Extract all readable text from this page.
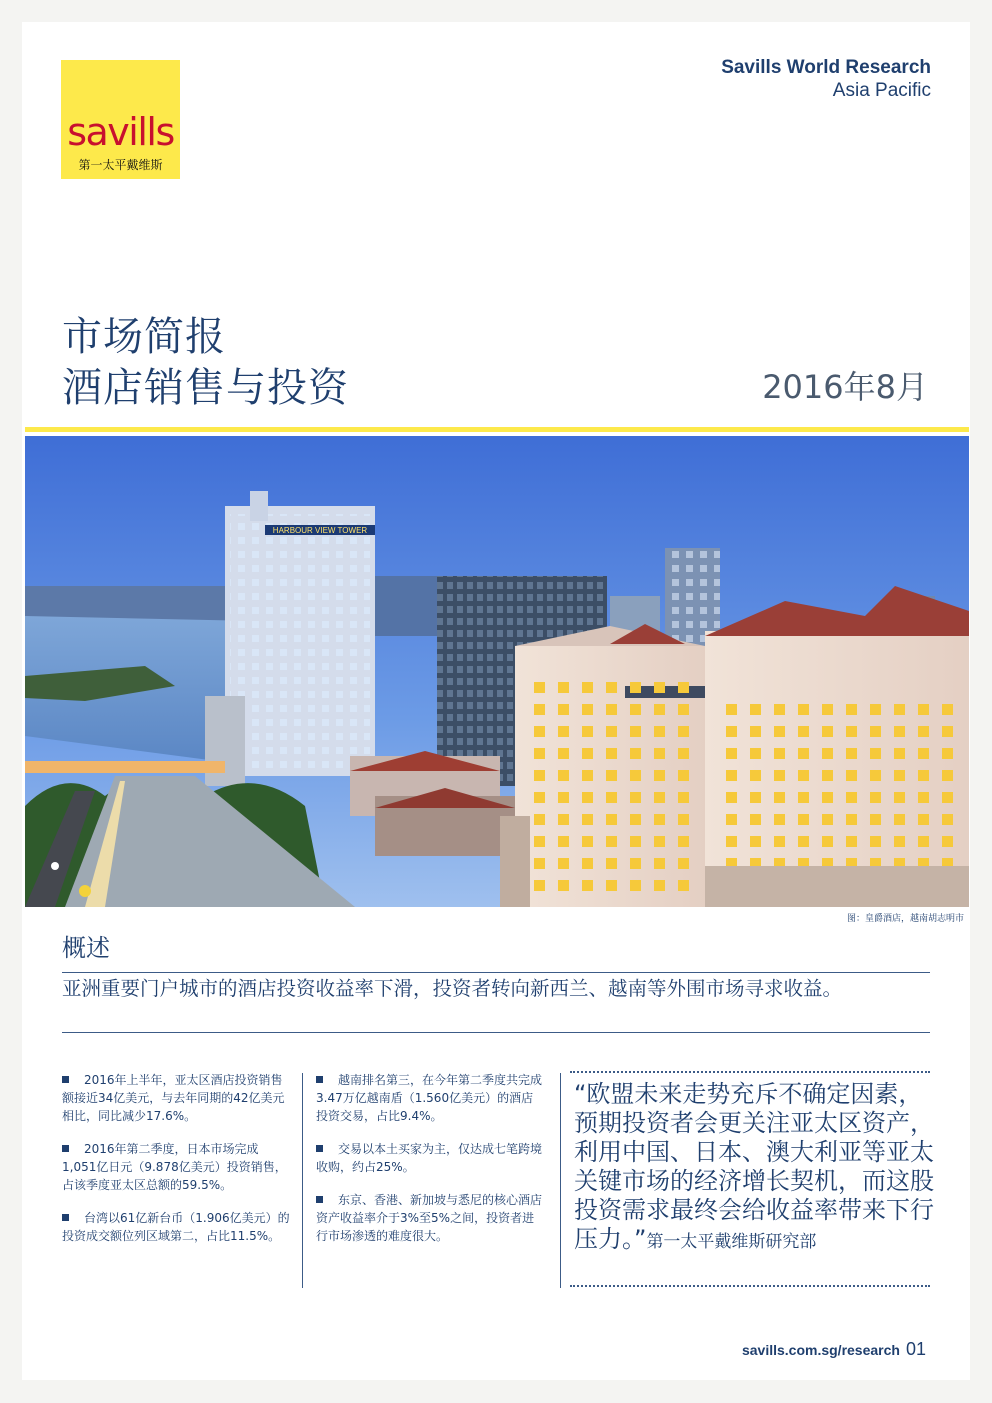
savills
第一太平戴维斯
Savills World Research
Asia Pacific
市场简报
酒店销售与投资	2016年8月
HARBOUR VIEW TOWER
图：皇爵酒店，越南胡志明市
概述
亚洲重要门户城市的酒店投资收益率下滑，投资者转向新西兰、越南等外围市场寻求收益。
2016年上半年，亚太区酒店投资销售额接近34亿美元，与去年同期的42亿美元相比，同比减少17.6%。
2016年第二季度，日本市场完成1,051亿日元（9.878亿美元）投资销售，占该季度亚太区总额的59.5%。
台湾以61亿新台币（1.906亿美元）的投资成交额位列区域第二，占比11.5%。
越南排名第三，在今年第二季度共完成3.47万亿越南盾（1.560亿美元）的酒店投资交易，占比9.4%。
交易以本土买家为主，仅达成七笔跨境收购，约占25%。
东京、香港、新加坡与悉尼的核心酒店资产收益率介于3%至5%之间，投资者进行市场渗透的难度很大。
“欧盟未来走势充斥不确定因素，预期投资者会更关注亚太区资产，利用中国、日本、澳大利亚等亚太关键市场的经济增长契机，而这股投资需求最终会给收益率带来下行压力。”第一太平戴维斯研究部
savills.com.sg/research 01
